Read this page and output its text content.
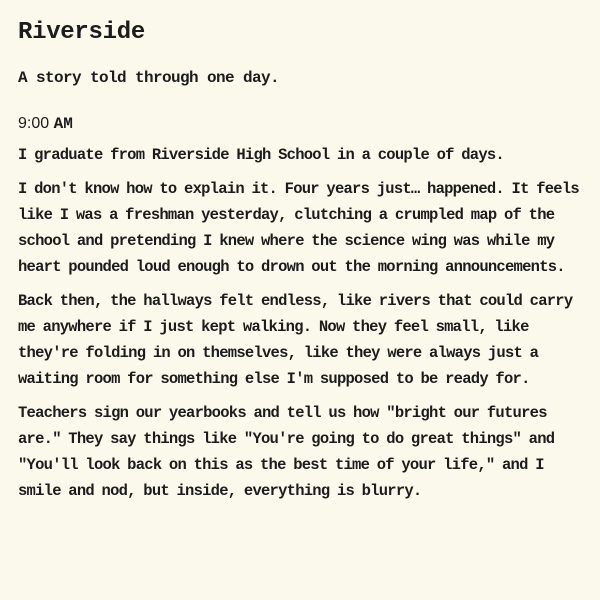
Riverside

A story told through one day.

9:00 AM

I graduate from Riverside High School in a couple of days.

I don't know how to explain it. Four years just… happened. It feels like I was a freshman yesterday, clutching a crumpled map of the school and pretending I knew where the science wing was while my heart pounded loud enough to drown out the morning announcements.

Back then, the hallways felt endless, like rivers that could carry me anywhere if I just kept walking. Now they feel small, like they're folding in on themselves, like they were always just a waiting room for something else I'm supposed to be ready for.

Teachers sign our yearbooks and tell us how "bright our futures are." They say things like "You're going to do great things" and "You'll look back on this as the best time of your life," and I smile and nod, but inside, everything is blurry.
